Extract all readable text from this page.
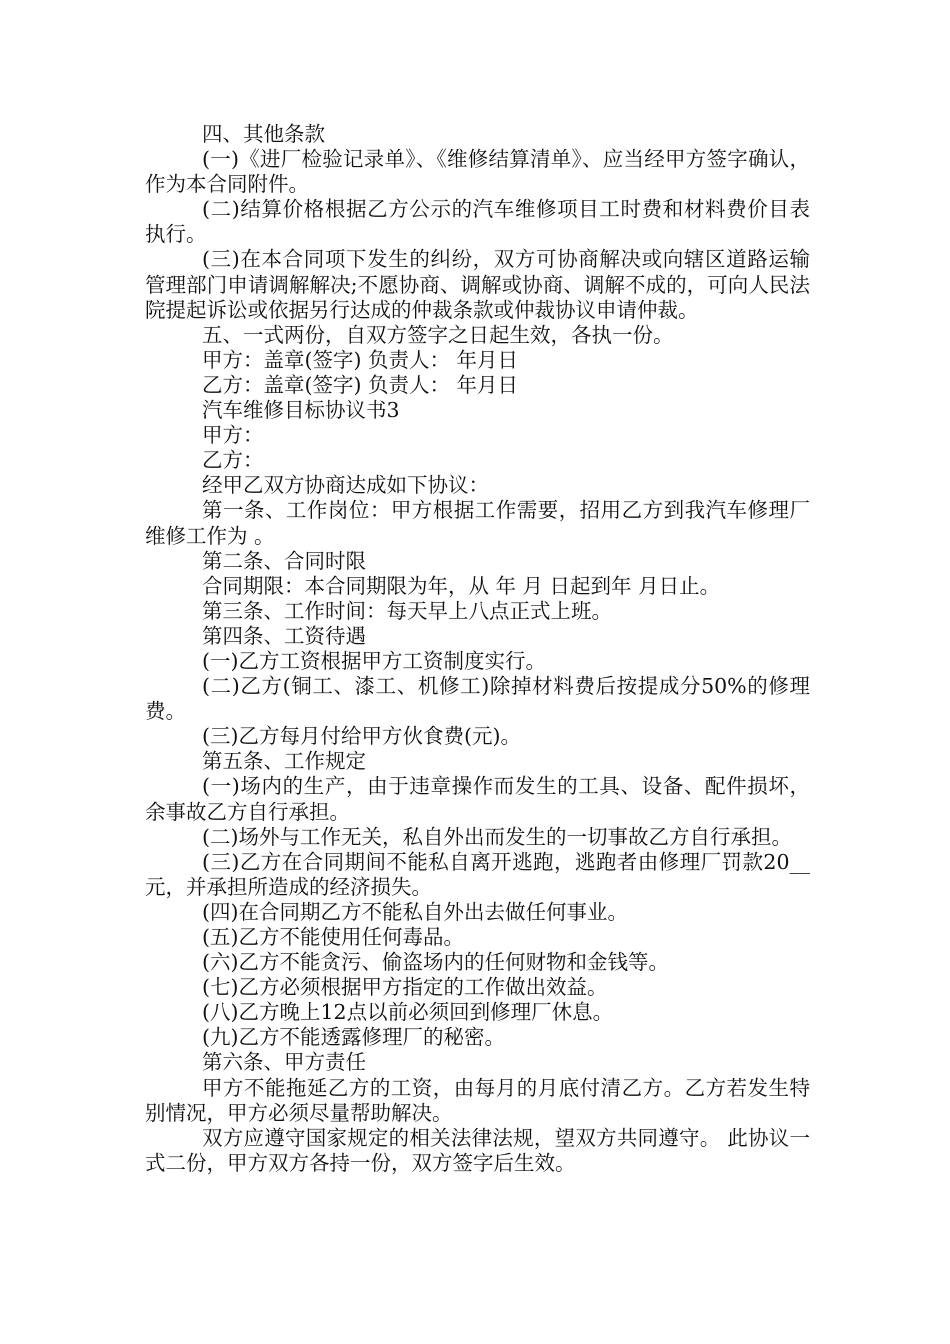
四、其他条款

(一)《进厂检验记录单》、《维修结算清单》、应当经甲方签字确认，作为本合同附件。

(二)结算价格根据乙方公示的汽车维修项目工时费和材料费价目表执行。

(三)在本合同项下发生的纠纷，双方可协商解决或向辖区道路运输管理部门申请调解解决;不愿协商、调解或协商、调解不成的，可向人民法院提起诉讼或依据另行达成的仲裁条款或仲裁协议申请仲裁。

五、一式两份，自双方签字之日起生效，各执一份。

甲方：盖章(签字) 负责人： 年月日

乙方：盖章(签字) 负责人： 年月日

汽车维修目标协议书3

甲方：

乙方：

经甲乙双方协商达成如下协议：

第一条、工作岗位：甲方根据工作需要，招用乙方到我汽车修理厂维修工作为 。

第二条、合同时限

合同期限：本合同期限为年，从 年 月 日起到年 月日止。

第三条、工作时间：每天早上八点正式上班。

第四条、工资待遇

(一)乙方工资根据甲方工资制度实行。

(二)乙方(铜工、漆工、机修工)除掉材料费后按提成分50%的修理费。

(三)乙方每月付给甲方伙食费(元)。

第五条、工作规定

(一)场内的生产，由于违章操作而发生的工具、设备、配件损坏，余事故乙方自行承担。

(二)场外与工作无关，私自外出而发生的一切事故乙方自行承担。

(三)乙方在合同期间不能私自离开逃跑，逃跑者由修理厂罚款20__元，并承担所造成的经济损失。

(四)在合同期乙方不能私自外出去做任何事业。

(五)乙方不能使用任何毒品。

(六)乙方不能贪污、偷盗场内的任何财物和金钱等。

(七)乙方必须根据甲方指定的工作做出效益。

(八)乙方晚上12点以前必须回到修理厂休息。

(九)乙方不能透露修理厂的秘密。

第六条、甲方责任

甲方不能拖延乙方的工资，由每月的月底付清乙方。乙方若发生特别情况，甲方必须尽量帮助解决。

双方应遵守国家规定的相关法律法规，望双方共同遵守。 此协议一式二份，甲方双方各持一份，双方签字后生效。
